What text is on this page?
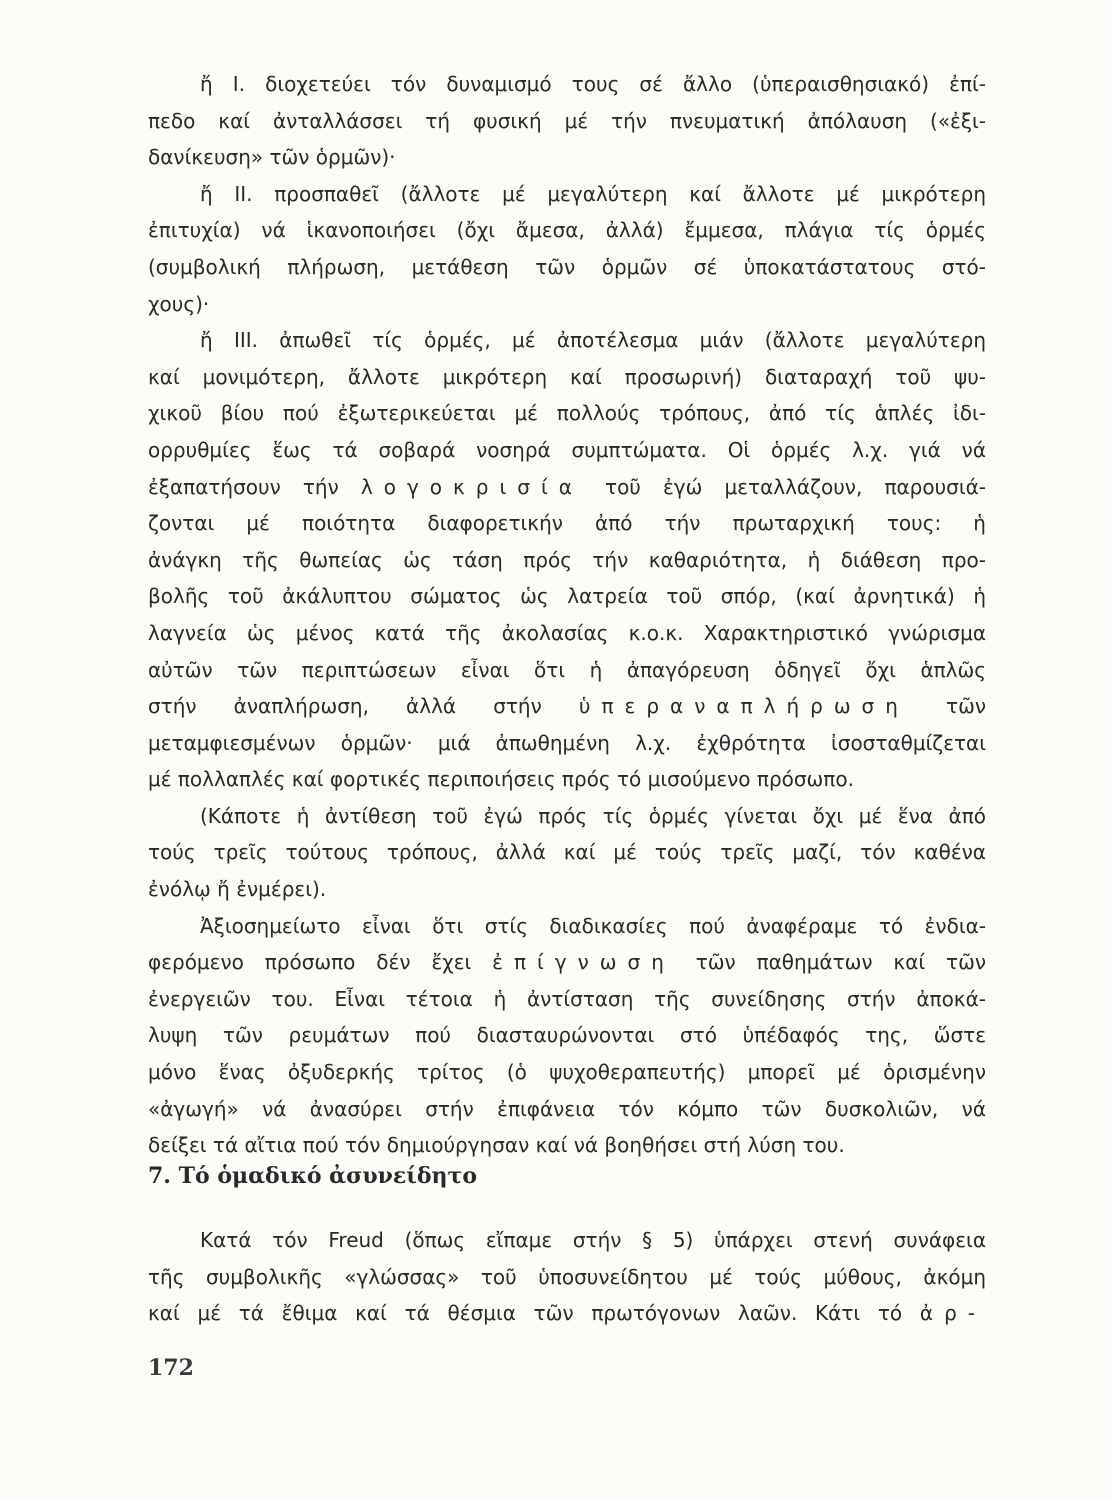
ἤ I. διοχετεύει τόν δυναμισμό τους σέ ἄλλο (ὑπεραισθησιακό) ἐπί-
πεδο καί ἀνταλλάσσει τή φυσική μέ τήν πνευματική ἀπόλαυση («ἐξι-
δανίκευση» τῶν ὁρμῶν)·
ἤ II. προσπαθεῖ (ἄλλοτε μέ μεγαλύτερη καί ἄλλοτε μέ μικρότερη
ἐπιτυχία) νά ἱκανοποιήσει (ὄχι ἄμεσα, ἀλλά) ἔμμεσα, πλάγια τίς ὁρμές
(συμβολική πλήρωση, μετάθεση τῶν ὁρμῶν σέ ὑποκατάστατους στό-
χους)·
ἤ III. ἀπωθεῖ τίς ὁρμές, μέ ἀποτέλεσμα μιάν (ἄλλοτε μεγαλύτερη
καί μονιμότερη, ἄλλοτε μικρότερη καί προσωρινή) διαταραχή τοῦ ψυ-
χικοῦ βίου πού ἐξωτερικεύεται μέ πολλούς τρόπους, ἀπό τίς ἁπλές ἰδι-
ορρυθμίες ἕως τά σοβαρά νοσηρά συμπτώματα. Οἱ ὁρμές λ.χ. γιά νά
ἐξαπατήσουν τήν λογοκρισία τοῦ ἐγώ μεταλλάζουν, παρουσιά-
ζονται μέ ποιότητα διαφορετικήν ἀπό τήν πρωταρχική τους: ἡ
ἀνάγκη τῆς θωπείας ὡς τάση πρός τήν καθαριότητα, ἡ διάθεση προ-
βολῆς τοῦ ἀκάλυπτου σώματος ὡς λατρεία τοῦ σπόρ, (καί ἀρνητικά) ἡ
λαγνεία ὡς μένος κατά τῆς ἀκολασίας κ.ο.κ. Χαρακτηριστικό γνώρισμα
αὐτῶν τῶν περιπτώσεων εἶναι ὅτι ἡ ἀπαγόρευση ὁδηγεῖ ὄχι ἁπλῶς
στήν ἀναπλήρωση, ἀλλά στήν ὑπεραναπλήρωση τῶν
μεταμφιεσμένων ὁρμῶν· μιά ἀπωθημένη λ.χ. ἐχθρότητα ἰσοσταθμίζεται
μέ πολλαπλές καί φορτικές περιποιήσεις πρός τό μισούμενο πρόσωπο.
(Κάποτε ἡ ἀντίθεση τοῦ ἐγώ πρός τίς ὁρμές γίνεται ὄχι μέ ἕνα ἀπό
τούς τρεῖς τούτους τρόπους, ἀλλά καί μέ τούς τρεῖς μαζί, τόν καθένα
ἐνόλῳ ἤ ἐνμέρει).
Ἀξιοσημείωτο εἶναι ὅτι στίς διαδικασίες πού ἀναφέραμε τό ἐνδια-
φερόμενο πρόσωπο δέν ἔχει ἐπίγνωση τῶν παθημάτων καί τῶν
ἐνεργειῶν του. Εἶναι τέτοια ἡ ἀντίσταση τῆς συνείδησης στήν ἀποκά-
λυψη τῶν ρευμάτων πού διασταυρώνονται στό ὑπέδαφός της, ὥστε
μόνο ἕνας ὀξυδερκής τρίτος (ὁ ψυχοθεραπευτής) μπορεῖ μέ ὁρισμένην
«ἀγωγή» νά ἀνασύρει στήν ἐπιφάνεια τόν κόμπο τῶν δυσκολιῶν, νά
δείξει τά αἴτια πού τόν δημιούργησαν καί νά βοηθήσει στή λύση του.
7. Τό ὁμαδικό ἀσυνείδητο
Κατά τόν Freud (ὅπως εἴπαμε στήν § 5) ὑπάρχει στενή συνάφεια
τῆς συμβολικῆς «γλώσσας» τοῦ ὑποσυνείδητου μέ τούς μύθους, ἀκόμη
καί μέ τά ἔθιμα καί τά θέσμια τῶν πρωτόγονων λαῶν. Κάτι τό ἀρ-
172
